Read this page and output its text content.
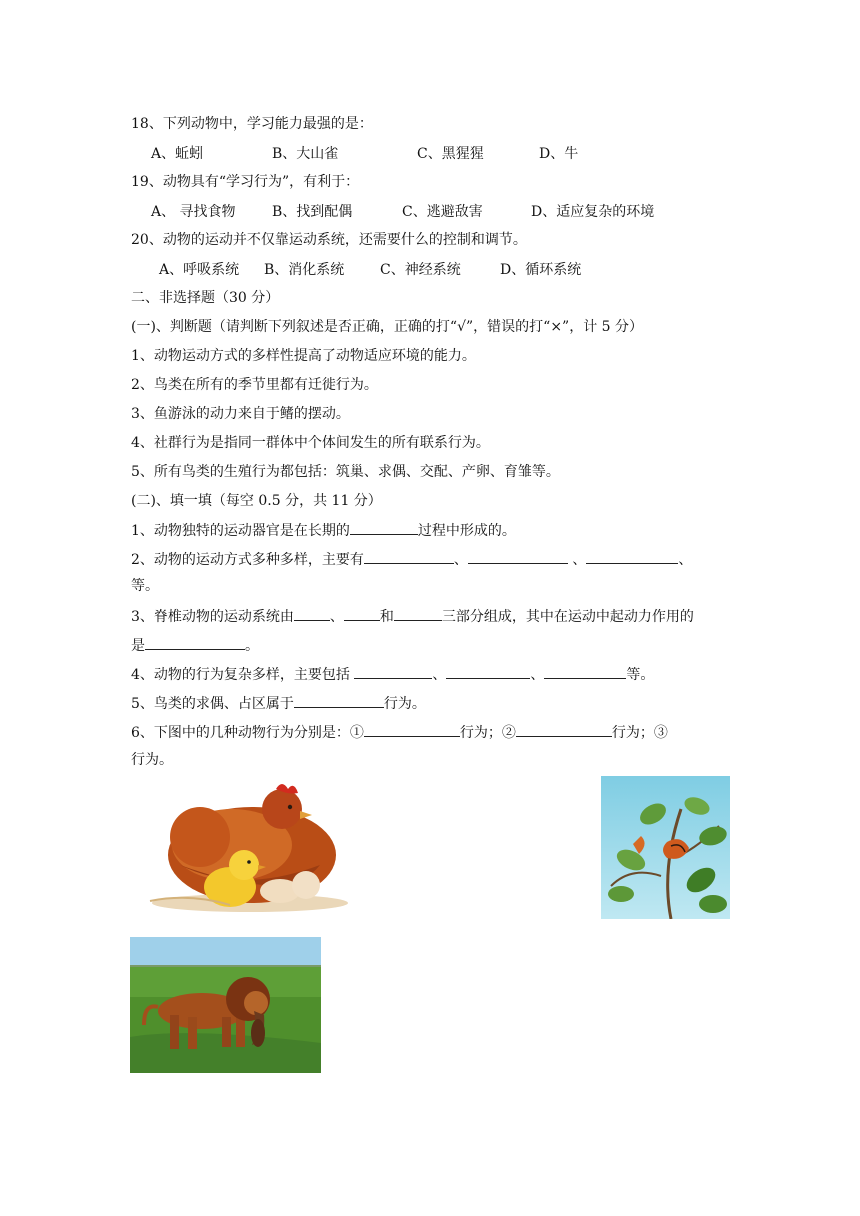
18、下列动物中，学习能力最强的是：
A、蚯蚓	B、大山雀	C、黑猩猩	D、牛
19、动物具有“学习行为”，有利于：
A、 寻找食物	B、找到配偶	C、逃避敌害	D、适应复杂的环境
20、动物的运动并不仅靠运动系统，还需要什么的控制和调节。
A、呼吸系统 B、消化系统	C、神经系统	D、循环系统
二、非选择题（30 分）
(一)、判断题（请判断下列叙述是否正确，正确的打“√”，错误的打“×”，计 5 分）
1、动物运动方式的多样性提高了动物适应环境的能力。
2、鸟类在所有的季节里都有迁徙行为。
3、鱼游泳的动力来自于鳍的摆动。
4、社群行为是指同一群体中个体间发生的所有联系行为。
5、所有鸟类的生殖行为都包括：筑巢、求偶、交配、产卵、育雏等。
(二)、填一填（每空 0.5 分，共 11 分）
1、动物独特的运动器官是在长期的	过程中形成的。
2、动物的运动方式多种多样，主要有	、	、	、
等。
3、脊椎动物的运动系统由	、	和	三部分组成，其中在运动中起动力作用的
是	。
4、动物的行为复杂多样，主要包括	、	、	等。
5、鸟类的求偶、占区属于	行为。
6、下图中的几种动物行为分别是：①	行为；②	行为；③
行为。
